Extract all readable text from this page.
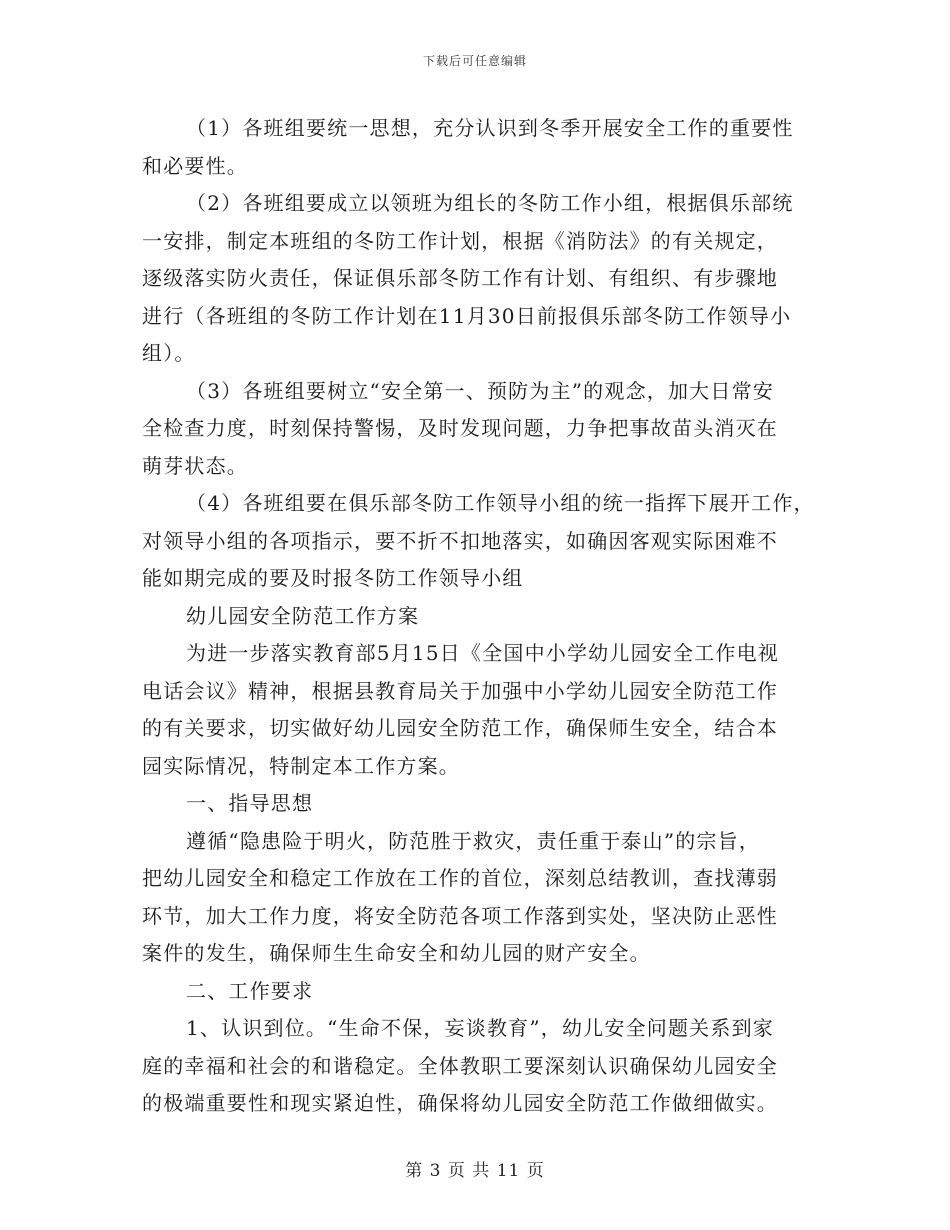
下载后可任意编辑
（1）各班组要统一思想，充分认识到冬季开展安全工作的重要性
和必要性。
（2）各班组要成立以领班为组长的冬防工作小组，根据俱乐部统
一安排，制定本班组的冬防工作计划，根据《消防法》的有关规定，
逐级落实防火责任，保证俱乐部冬防工作有计划、有组织、有步骤地
进行（各班组的冬防工作计划在11月30日前报俱乐部冬防工作领导小
组）。
（3）各班组要树立“安全第一、预防为主”的观念，加大日常安
全检查力度，时刻保持警惕，及时发现问题，力争把事故苗头消灭在
萌芽状态。
（4）各班组要在俱乐部冬防工作领导小组的统一指挥下展开工作，
对领导小组的各项指示，要不折不扣地落实，如确因客观实际困难不
能如期完成的要及时报冬防工作领导小组
幼儿园安全防范工作方案
为进一步落实教育部5月15日《全国中小学幼儿园安全工作电视
电话会议》精神，根据县教育局关于加强中小学幼儿园安全防范工作
的有关要求，切实做好幼儿园安全防范工作，确保师生安全，结合本
园实际情况，特制定本工作方案。
一、指导思想
遵循“隐患险于明火，防范胜于救灾，责任重于泰山”的宗旨，
把幼儿园安全和稳定工作放在工作的首位，深刻总结教训，查找薄弱
环节，加大工作力度，将安全防范各项工作落到实处，坚决防止恶性
案件的发生，确保师生生命安全和幼儿园的财产安全。
二、工作要求
1、认识到位。“生命不保，妄谈教育”，幼儿安全问题关系到家
庭的幸福和社会的和谐稳定。全体教职工要深刻认识确保幼儿园安全
的极端重要性和现实紧迫性，确保将幼儿园安全防范工作做细做实。
第 3 页 共 11 页
